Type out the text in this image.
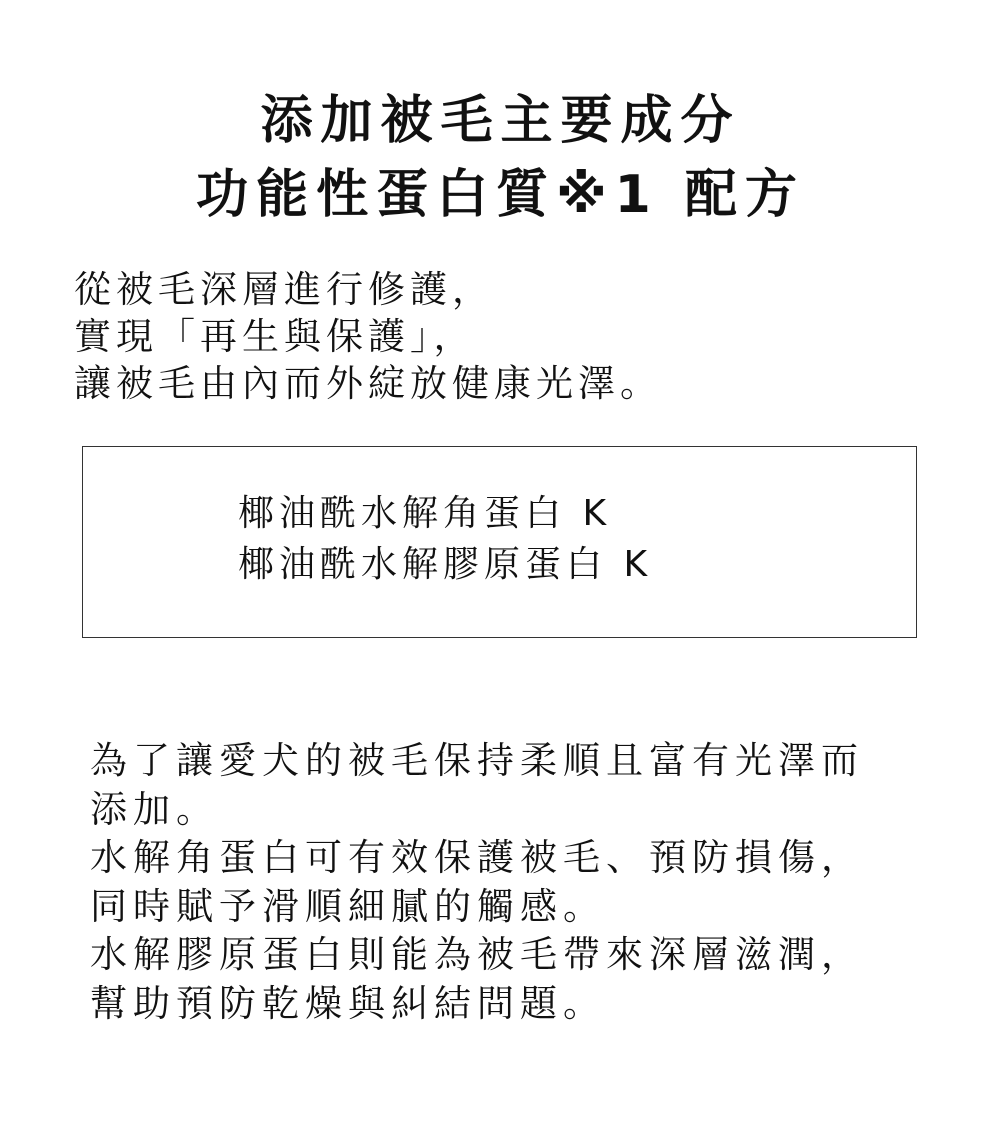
添加被毛主要成分
功能性蛋白質※1 配方
從被毛深層進行修護，
實現「再生與保護」，
讓被毛由內而外綻放健康光澤。
椰油酰水解角蛋白 K
椰油酰水解膠原蛋白 K
為了讓愛犬的被毛保持柔順且富有光澤而
添加。
水解角蛋白可有效保護被毛、預防損傷，
同時賦予滑順細膩的觸感。
水解膠原蛋白則能為被毛帶來深層滋潤，
幫助預防乾燥與糾結問題。
